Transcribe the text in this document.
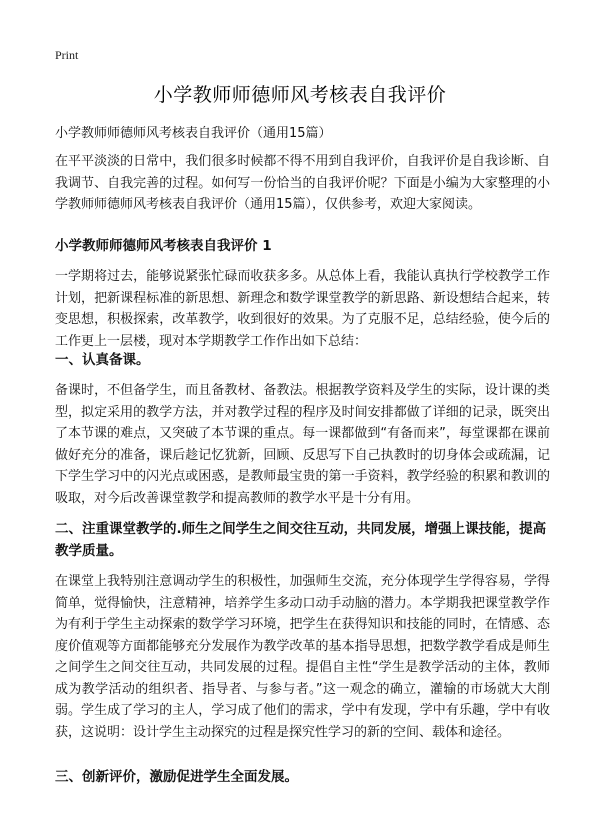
Print
小学教师师德师风考核表自我评价
小学教师师德师风考核表自我评价（通用15篇）
在平平淡淡的日常中，我们很多时候都不得不用到自我评价，自我评价是自我诊断、自我调节、自我完善的过程。如何写一份恰当的自我评价呢？下面是小编为大家整理的小学教师师德师风考核表自我评价（通用15篇），仅供参考，欢迎大家阅读。
小学教师师德师风考核表自我评价 1
一学期将过去，能够说紧张忙碌而收获多多。从总体上看，我能认真执行学校教学工作计划，把新课程标准的新思想、新理念和数学课堂教学的新思路、新设想结合起来，转变思想，积极探索，改革教学，收到很好的效果。为了克服不足，总结经验，使今后的工作更上一层楼，现对本学期教学工作作出如下总结：
一、认真备课。
备课时，不但备学生，而且备教材、备教法。根据教学资料及学生的实际，设计课的类型，拟定采用的教学方法，并对教学过程的程序及时间安排都做了详细的记录，既突出了本节课的难点，又突破了本节课的重点。每一课都做到“有备而来”，每堂课都在课前做好充分的准备，课后趁记忆犹新，回顾、反思写下自己执教时的切身体会或疏漏，记下学生学习中的闪光点或困惑，是教师最宝贵的第一手资料，教学经验的积累和教训的吸取，对今后改善课堂教学和提高教师的教学水平是十分有用。
二、注重课堂教学的.师生之间学生之间交往互动，共同发展，增强上课技能，提高教学质量。
在课堂上我特别注意调动学生的积极性，加强师生交流，充分体现学生学得容易，学得简单，觉得愉快，注意精神，培养学生多动口动手动脑的潜力。本学期我把课堂教学作为有利于学生主动探索的数学学习环境，把学生在获得知识和技能的同时，在情感、态度价值观等方面都能够充分发展作为教学改革的基本指导思想，把数学教学看成是师生之间学生之间交往互动，共同发展的过程。提倡自主性“学生是教学活动的主体，教师成为教学活动的组织者、指导者、与参与者。”这一观念的确立，灌输的市场就大大削弱。学生成了学习的主人，学习成了他们的需求，学中有发现，学中有乐趣，学中有收获，这说明：设计学生主动探究的过程是探究性学习的新的空间、载体和途径。
三、创新评价，激励促进学生全面发展。
